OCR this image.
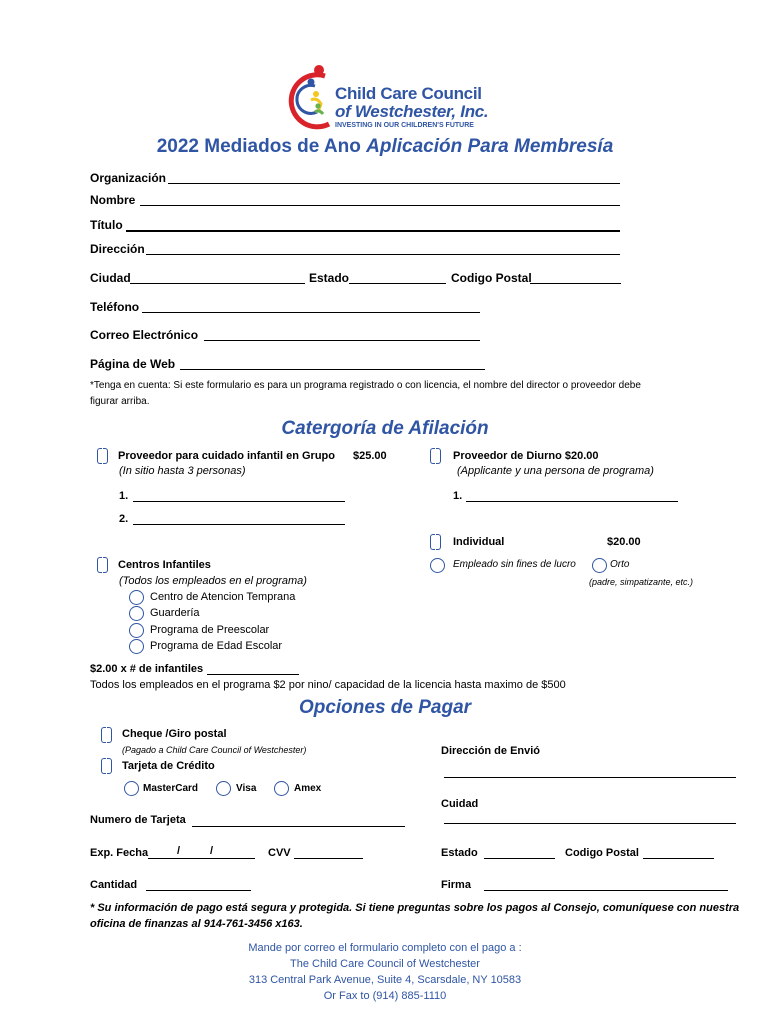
Child Care Council
of Westchester, Inc.
INVESTING IN OUR CHILDREN'S FUTURE
2022 Mediados de Ano Aplicación Para Membresía
Organización
Nombre
Título
Dirección
Ciudad	Estado	Codigo Postal
Teléfono
Correo Electrónico
Página de Web
*Tenga en cuenta: Si este formulario es para un programa registrado o con licencia, el nombre del director o proveedor debe
figurar arriba.
Catergoría de Afilación
Proveedor para cuidado infantil en Grupo $25.00
(In sitio hasta 3 personas)
1.
2.
Proveedor de Diurno $20.00
(Applicante y una persona de programa)
1.
Individual	$20.00
Empleado sin fines de lucro	Orto
(padre, simpatizante, etc.)
Centros Infantiles
(Todos los empleados en el programa)
Centro de Atencion Temprana
Guardería
Programa de Preescolar
Programa de Edad Escolar
$2.00 x # de infantiles
Todos los empleados en el programa $2 por nino/ capacidad de la licencia hasta maximo de $500
Opciones de Pagar
Cheque /Giro postal
(Pagado a Child Care Council of Westchester)
Tarjeta de Crédito
MasterCard	Visa	Amex
Numero de Tarjeta
Exp. Fecha	/	/	CVV
Cantidad
Dirección de Envió
Cuidad
Estado	Codigo Postal
Firma
* Su información de pago está segura y protegida. Si tiene preguntas sobre los pagos al Consejo, comuníquese con nuestra
oficina de finanzas al 914-761-3456 x163.
Mande por correo el formulario completo con el pago a :
The Child Care Council of Westchester
313 Central Park Avenue, Suite 4, Scarsdale, NY 10583
Or Fax to (914) 885-1110
